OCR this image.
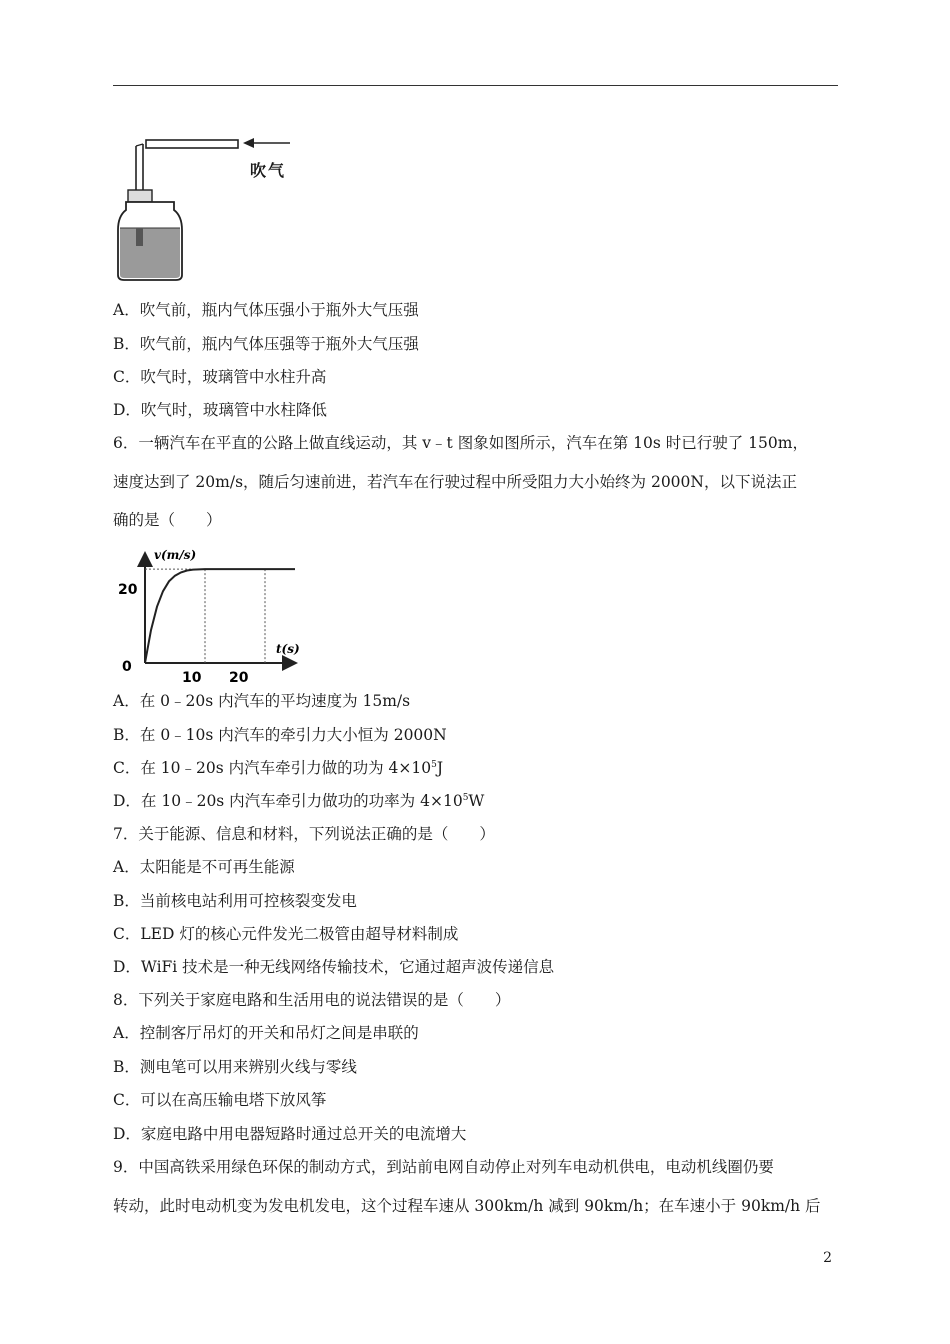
吹气
A．吹气前，瓶内气体压强小于瓶外大气压强
B．吹气前，瓶内气体压强等于瓶外大气压强
C．吹气时，玻璃管中水柱升高
D．吹气时，玻璃管中水柱降低
6．一辆汽车在平直的公路上做直线运动，其 v﹣t 图象如图所示，汽车在第 10s 时已行驶了 150m，
速度达到了 20m/s，随后匀速前进，若汽车在行驶过程中所受阻力大小始终为 2000N，以下说法正
确的是（　　）
v(m/s)
t(s)
0
20
10 20
A．在 0﹣20s 内汽车的平均速度为 15m/s
B．在 0﹣10s 内汽车的牵引力大小恒为 2000N
C．在 10﹣20s 内汽车牵引力做的功为 $4\times 10^5J$
D．在 10﹣20s 内汽车牵引力做功的功率为 $4\times 10^5W$
7．关于能源、信息和材料，下列说法正确的是（　　）
A．太阳能是不可再生能源
B．当前核电站利用可控核裂变发电
C．LED 灯的核心元件发光二极管由超导材料制成
D．WiFi 技术是一种无线网络传输技术，它通过超声波传递信息
8．下列关于家庭电路和生活用电的说法错误的是（　　）
A．控制客厅吊灯的开关和吊灯之间是串联的
B．测电笔可以用来辨别火线与零线
C．可以在高压输电塔下放风筝
D．家庭电路中用电器短路时通过总开关的电流增大
9．中国高铁采用绿色环保的制动方式，到站前电网自动停止对列车电动机供电，电动机线圈仍要
转动，此时电动机变为发电机发电，这个过程车速从 300km/h 减到 90km/h；在车速小于 90km/h 后
2
